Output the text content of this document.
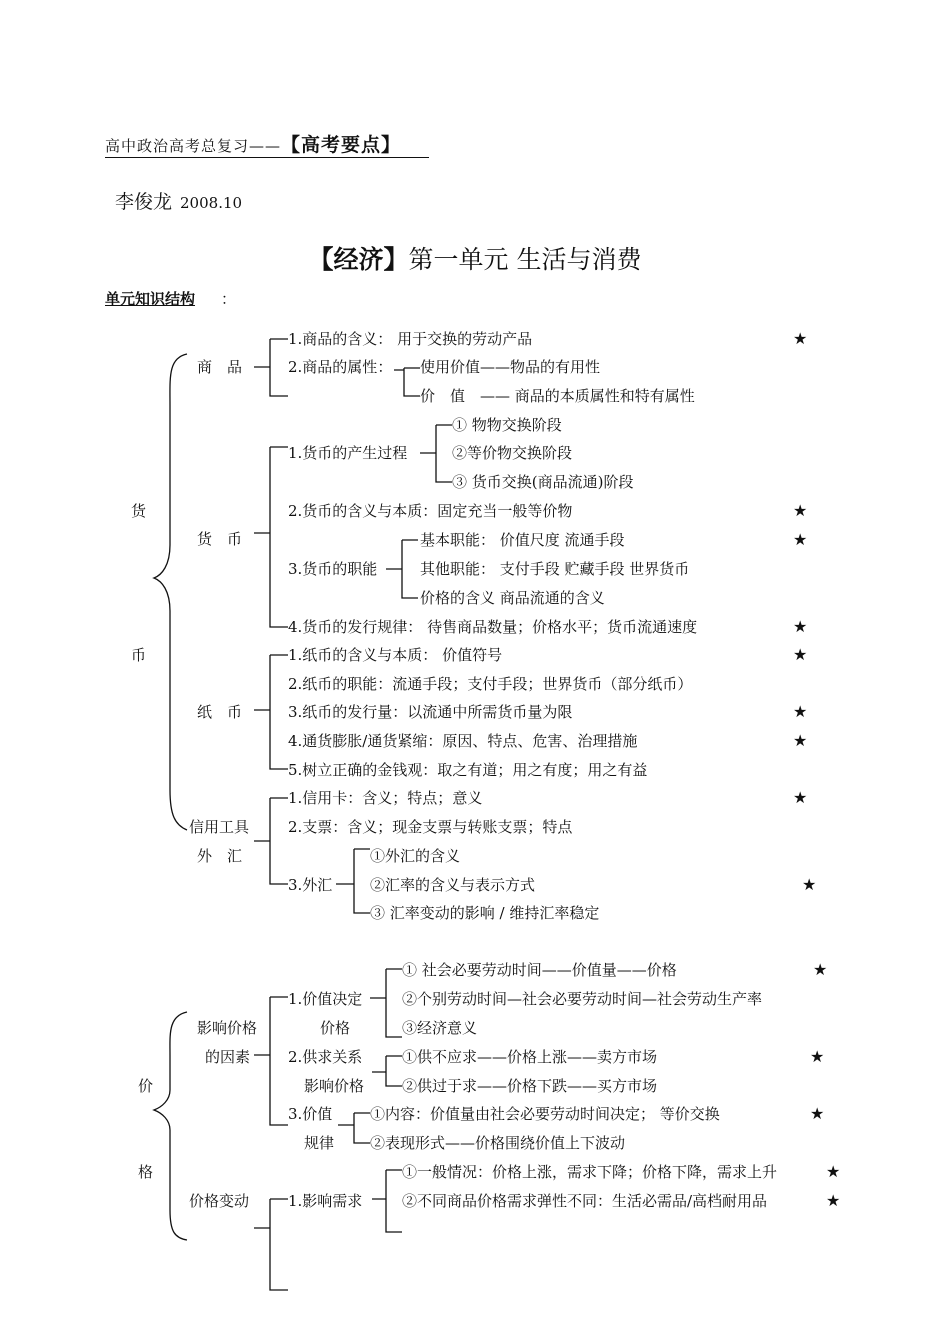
高中政治高考总复习——【高考要点】
李俊龙 2008.10
【经济】第一单元 生活与消费
单元知识结构 ：
货
币
商　品
1.商品的含义： 用于交换的劳动产品
2.商品的属性： 使用价值——物品的有用性
价　值　—— 商品的本质属性和特有属性
货　币
1.货币的产生过程
① 物物交换阶段
②等价物交换阶段
③ 货币交换(商品流通)阶段
2.货币的含义与本质：固定充当一般等价物
3.货币的职能
基本职能： 价值尺度 流通手段
其他职能： 支付手段 贮藏手段 世界货币
价格的含义 商品流通的含义
4.货币的发行规律： 待售商品数量；价格水平；货币流通速度
纸　币
1.纸币的含义与本质： 价值符号
2.纸币的职能：流通手段；支付手段；世界货币（部分纸币）
3.纸币的发行量：以流通中所需货币量为限
4.通货膨胀/通货紧缩：原因、特点、危害、治理措施
5.树立正确的金钱观：取之有道；用之有度；用之有益
信用工具
外　汇
1.信用卡：含义；特点；意义
2.支票：含义；现金支票与转账支票；特点
3.外汇
①外汇的含义
②汇率的含义与表示方式
③ 汇率变动的影响 / 维持汇率稳定
价
格
影响价格
的因素
1.价值决定
价格
① 社会必要劳动时间——价值量——价格
②个别劳动时间—社会必要劳动时间—社会劳动生产率
③经济意义
2.供求关系
影响价格
①供不应求——价格上涨——卖方市场
②供过于求——价格下跌——买方市场
3.价值
规律
①内容：价值量由社会必要劳动时间决定； 等价交换
②表现形式——价格围绕价值上下波动
价格变动	1.影响需求
①一般情况：价格上涨，需求下降；价格下降，需求上升
②不同商品价格需求弹性不同：生活必需品/高档耐用品
★
★
★
★
★
★
★
★
★
★
★
★
★
★
